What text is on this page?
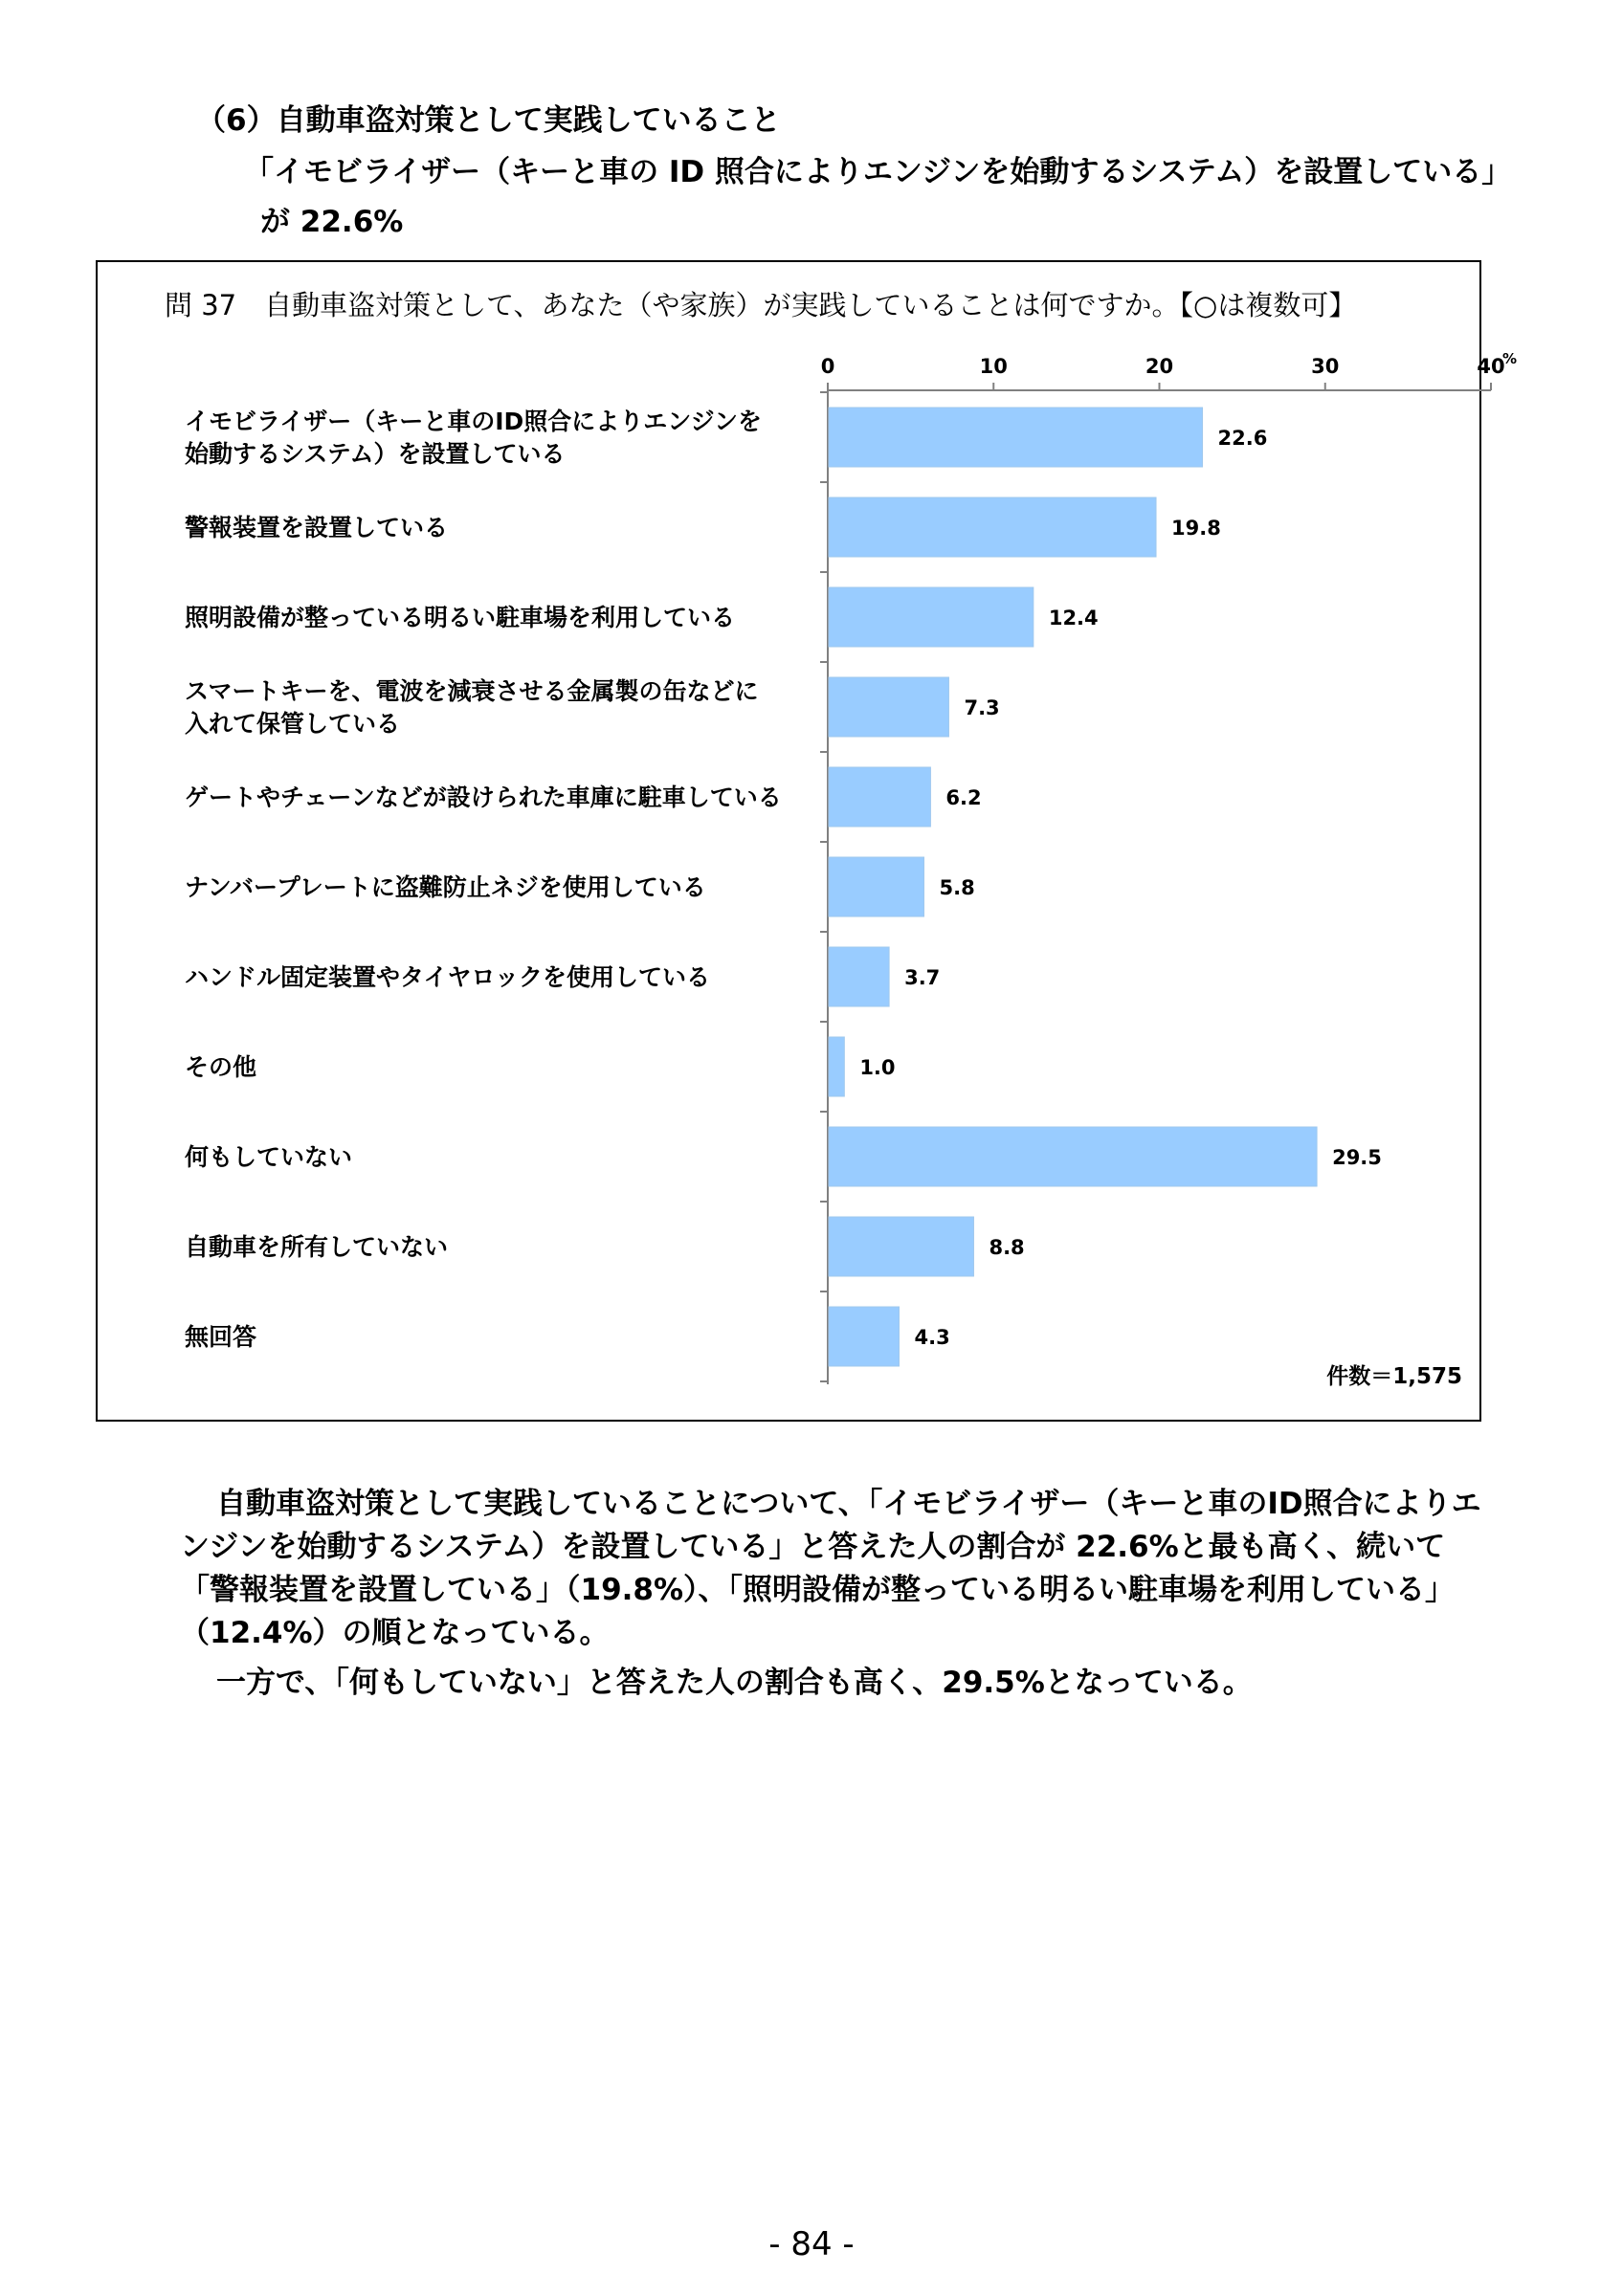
（6）自動車盗対策として実践していること
「イモビライザー（キーと車の ID 照合によりエンジンを始動するシステム）を設置している」
が 22.6%
問 37　自動車盗対策として、あなた（や家族）が実践していることは何ですか。【○は複数可】
0	10	20	30	40
%
22.6
イモビライザー（キーと車のID照合によりエンジンを
始動するシステム）を設置している
19.8
警報装置を設置している
12.4
照明設備が整っている明るい駐車場を利用している
7.3
スマートキーを、電波を減衰させる金属製の缶などに
入れて保管している
6.2
ゲートやチェーンなどが設けられた車庫に駐車している
5.8
ナンバープレートに盗難防止ネジを使用している
3.7
ハンドル固定装置やタイヤロックを使用している
1.0
その他
29.5
何もしていない
8.8
自動車を所有していない
4.3
無回答
件数＝1,575
自動車盗対策として実践していることについて、「イモビライザー（キーと車のID照合によりエンジンを始動するシステム）を設置している」と答えた人の割合が 22.6%と最も高く、続いて「警報装置を設置している」（19.8%）、「照明設備が整っている明るい駐車場を利用している」（12.4%）の順となっている。
一方で、「何もしていない」と答えた人の割合も高く、29.5%となっている。
- 84 -
